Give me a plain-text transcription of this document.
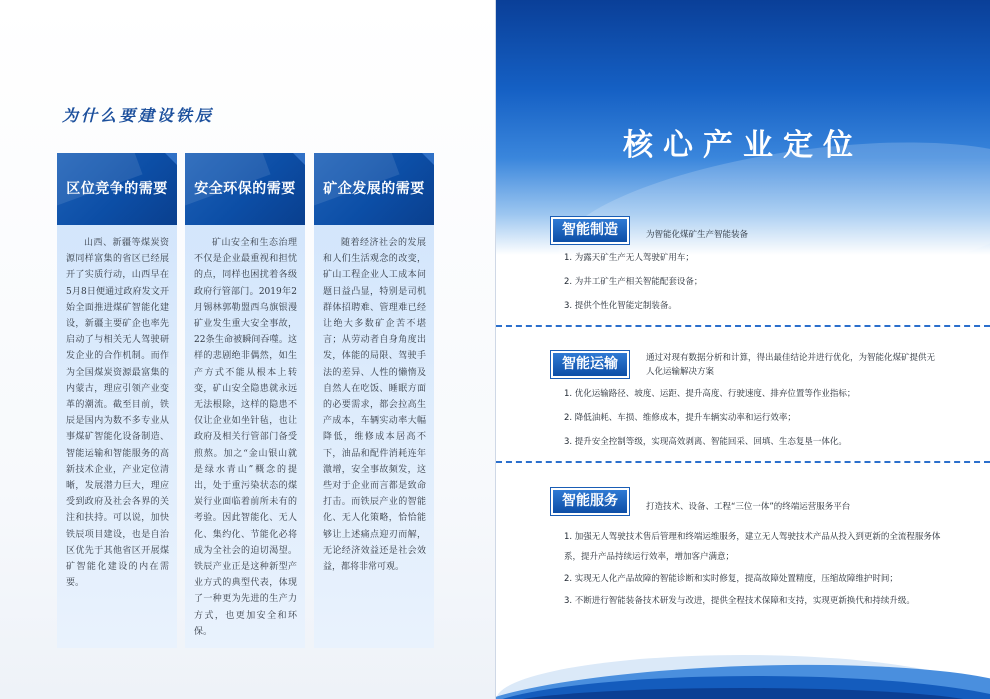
为什么要建设铁辰
区位竞争的需要
山西、新疆等煤炭资源同样富集的省区已经展开了实质行动，山西早在5月8日便通过政府发文开始全面推进煤矿智能化建设，新疆主要矿企也率先启动了与相关无人驾驶研发企业的合作机制。而作为全国煤炭资源最富集的内蒙古，理应引领产业变革的潮流。截至目前，铁辰是国内为数不多专业从事煤矿智能化设备制造、智能运输和智能服务的高新技术企业，产业定位清晰，发展潜力巨大，理应受到政府及社会各界的关注和扶持。可以说，加快铁辰项目建设，也是自治区优先于其他省区开展煤矿智能化建设的内在需要。
安全环保的需要
矿山安全和生态治理不仅是企业最重视和担忧的点，同样也困扰着各级政府行管部门。2019年2月锡林郭勒盟西乌旗银漫矿业发生重大安全事故，22条生命被瞬间吞噬。这样的悲剧绝非偶然，如生产方式不能从根本上转变，矿山安全隐患就永远无法根除，这样的隐患不仅让企业如坐针毡，也让政府及相关行管部门备受煎熬。加之“金山银山就是绿水青山”概念的提出，处于重污染状态的煤炭行业面临着前所未有的考验。因此智能化、无人化、集约化、节能化必将成为全社会的迫切渴望。铁辰产业正是这种新型产业方式的典型代表，体现了一种更为先进的生产力方式，也更加安全和环保。
矿企发展的需要
随着经济社会的发展和人们生活观念的改变，矿山工程企业人工成本问题日益凸显，特别是司机群体招聘难、管理难已经让绝大多数矿企苦不堪言；从劳动者自身角度出发，体能的局限、驾驶手法的差异、人性的懒惰及自然人在吃饭、睡眠方面的必要需求，都会拉高生产成本，车辆实动率大幅降低，维修成本居高不下，油品和配件消耗连年激增，安全事故频发，这些对于企业而言都是致命打击。而铁辰产业的智能化、无人化策略，恰恰能够让上述痛点迎刃而解，无论经济效益还是社会效益，都将非常可观。
核心产业定位
智能制造	为智能化煤矿生产智能装备
1. 为露天矿生产无人驾驶矿用车；
2. 为井工矿生产相关智能配套设备；
3. 提供个性化智能定制装备。
智能运输	通过对现有数据分析和计算，得出最佳结论并进行优化，为智能化煤矿提供无人化运输解决方案
1. 优化运输路径、坡度、运距、提升高度、行驶速度、排弃位置等作业指标；
2. 降低油耗、车损、维修成本，提升车辆实动率和运行效率；
3. 提升安全控制等级，实现高效剥离、智能回采、回填、生态复垦一体化。
智能服务	打造技术、设备、工程“三位一体”的终端运营服务平台
1. 加强无人驾驶技术售后管理和终端运维服务，建立无人驾驶技术产品从投入到更新的全流程服务体系，提升产品持续运行效率，增加客户满意；
2. 实现无人化产品故障的智能诊断和实时修复，提高故障处置精度，压缩故障维护时间；
3. 不断进行智能装备技术研发与改进，提供全程技术保障和支持，实现更新换代和持续升级。
